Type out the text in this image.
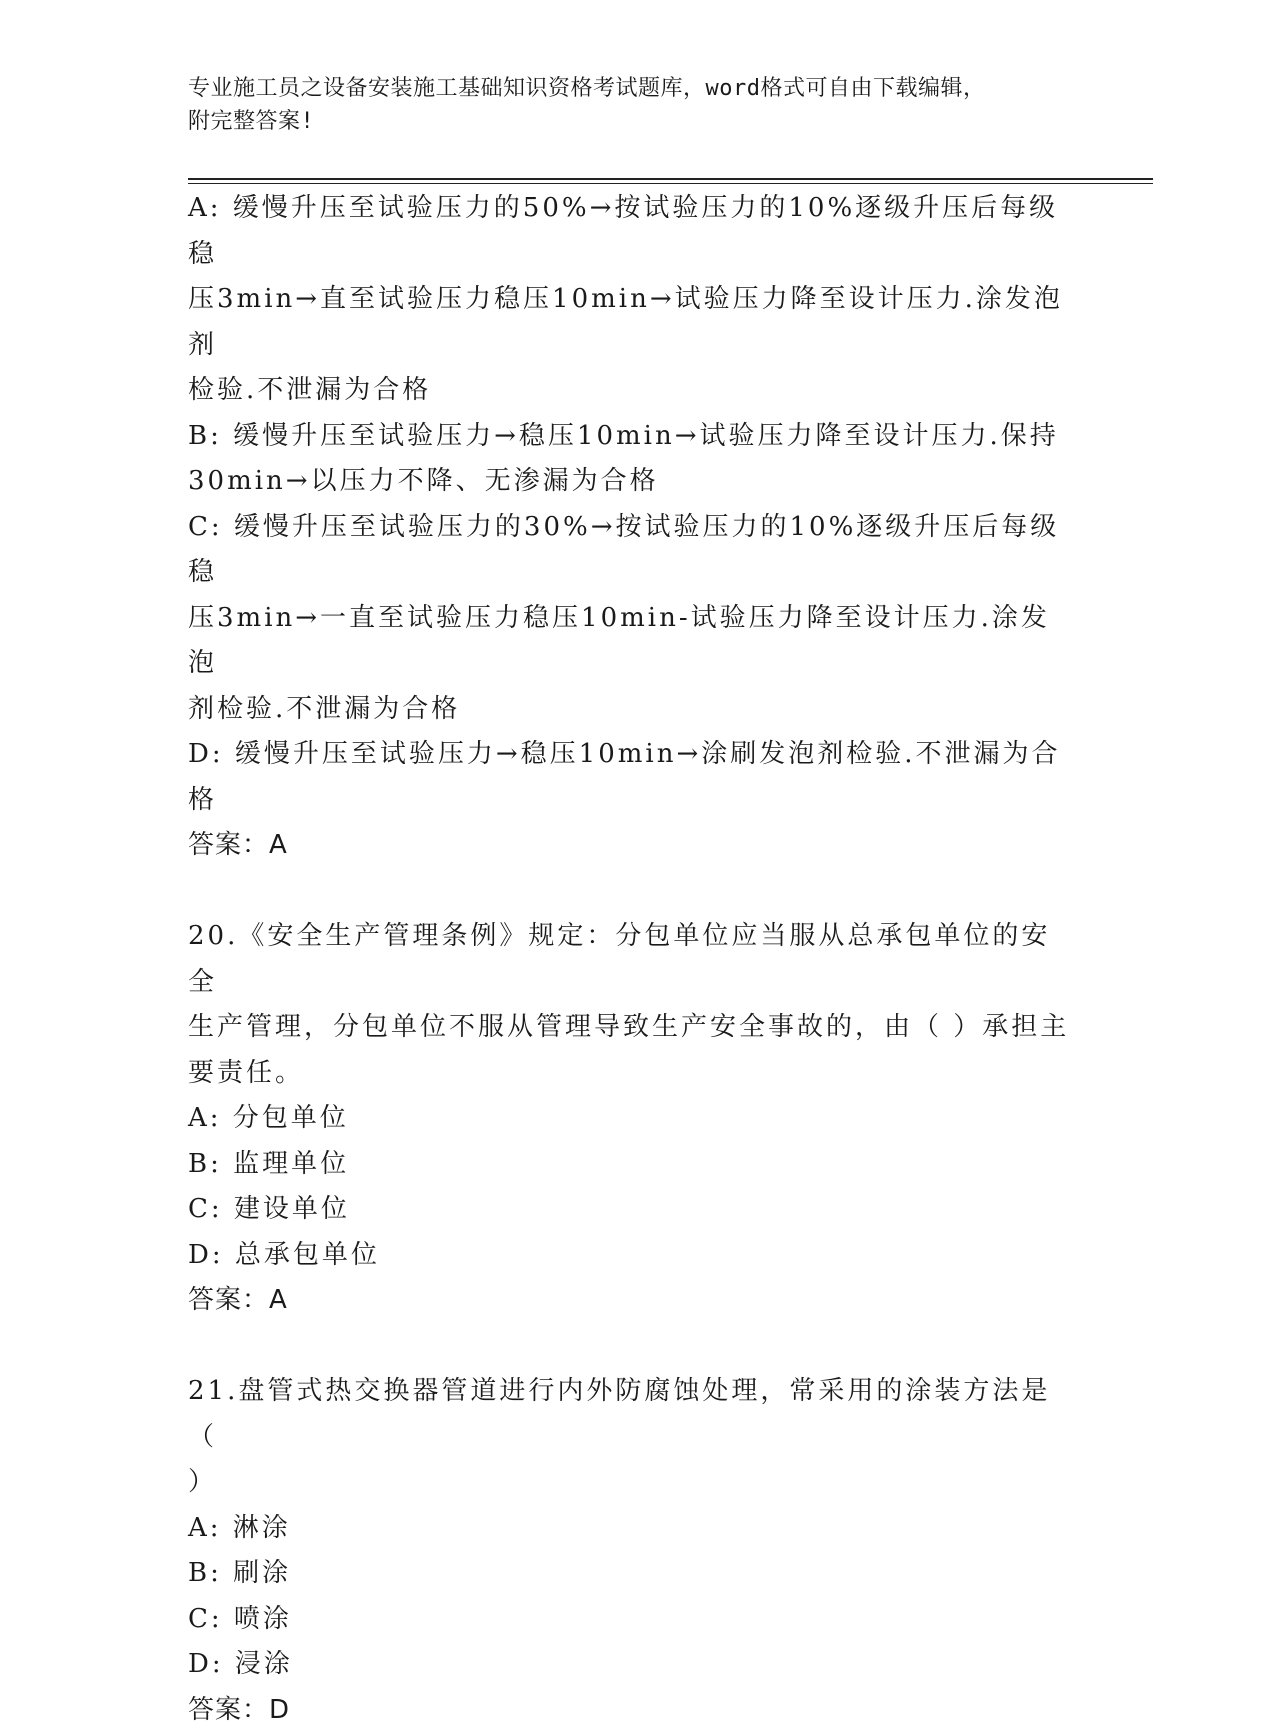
专业施工员之设备安装施工基础知识资格考试题库，word格式可自由下载编辑，
附完整答案!
A: 缓慢升压至试验压力的50%→按试验压力的10%逐级升压后每级稳
压3min→直至试验压力稳压10min→试验压力降至设计压力.涂发泡剂
检验.不泄漏为合格
B: 缓慢升压至试验压力→稳压10min→试验压力降至设计压力.保持
30min→以压力不降、无渗漏为合格
C: 缓慢升压至试验压力的30%→按试验压力的10%逐级升压后每级稳
压3min→一直至试验压力稳压10min-试验压力降至设计压力.涂发泡
剂检验.不泄漏为合格
D: 缓慢升压至试验压力→稳压10min→涂刷发泡剂检验.不泄漏为合格
答案：A
20.《安全生产管理条例》规定：分包单位应当服从总承包单位的安全
生产管理，分包单位不服从管理导致生产安全事故的，由（ ）承担主
要责任。
A: 分包单位
B: 监理单位
C: 建设单位
D: 总承包单位
答案：A
21.盘管式热交换器管道进行内外防腐蚀处理，常采用的涂装方法是（
）
A: 淋涂
B: 刷涂
C: 喷涂
D: 浸涂
答案：D
